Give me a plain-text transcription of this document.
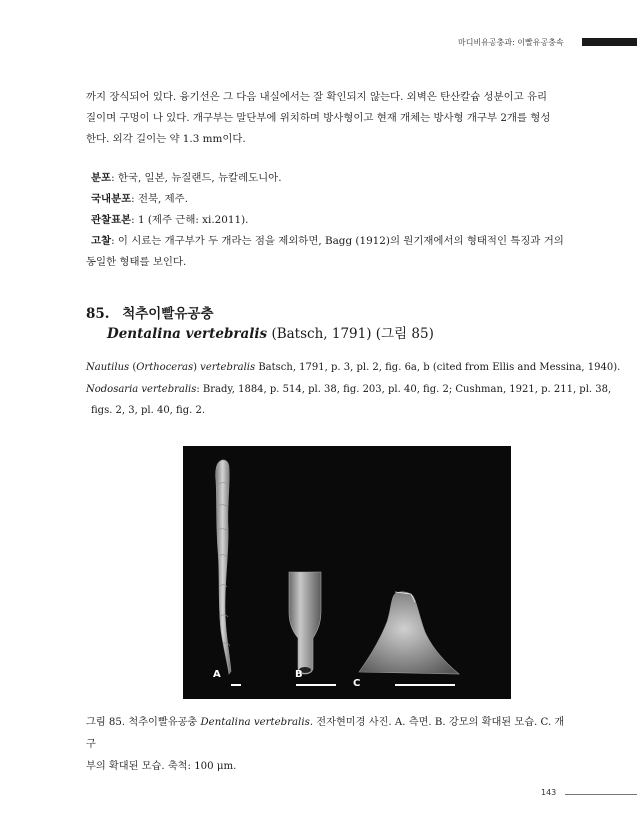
마디비유공충과: 이빨유공충속
까지 장식되어 있다. 융기선은 그 다음 내실에서는 잘 확인되지 않는다. 외벽은 탄산칼슘 성분이고 유리
질이며 구멍이 나 있다. 개구부는 말단부에 위치하며 방사형이고 현재 개체는 방사형 개구부 2개를 형성
한다. 외각 길이는 약 1.3 mm이다.
분포: 한국, 일본, 뉴질랜드, 뉴칼레도니아.
국내분포: 전북, 제주.
관찰표본: 1 (제주 근해: xi.2011).
고찰: 이 시료는 개구부가 두 개라는 점을 제외하면, Bagg (1912)의 원기재에서의 형태적인 특징과 거의
동일한 형태를 보인다.
85. 척추이빨유공충
Dentalina vertebralis (Batsch, 1791) (그림 85)
Nautilus (Orthoceras) vertebralis Batsch, 1791, p. 3, pl. 2, fig. 6a, b (cited from Ellis and Messina, 1940).
Nodosaria vertebralis: Brady, 1884, p. 514, pl. 38, fig. 203, pl. 40, fig. 2; Cushman, 1921, p. 211, pl. 38,
figs. 2, 3, pl. 40, fig. 2.
A	B
C
그림 85. 척추이빨유공충 Dentalina vertebralis. 전자현미경 사진. A. 측면. B. 강모의 확대된 모습. C. 개구
부의 확대된 모습. 축척: 100 μm.
143
